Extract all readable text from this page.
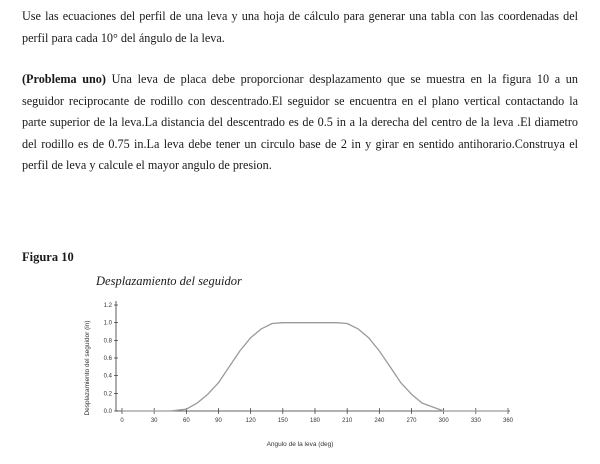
Use las ecuaciones del perfil de una leva y una hoja de cálculo para generar una tabla con las coordenadas del perfil para cada 10° del ángulo de la leva.
(Problema uno) Una leva de placa debe proporcionar desplazamento que se muestra en la figura 10 a un seguidor reciprocante de rodillo con descentrado.El seguidor se encuentra en el plano vertical contactando la parte superior de la leva.La distancia del descentrado es de 0.5 in a la derecha del centro de la leva .El diametro del rodillo es de 0.75 in.La leva debe tener un circulo base de 2 in y girar en sentido antihorario.Construya el perfil de leva y calcule el mayor angulo de presion.
Figura 10
Desplazamiento del seguidor
0.0
0.2
0.4
0.6
0.8
1.0
1.2
0	30	60	90	120	150	180	210	240	270	300	330	360
Angulo de la leva (deg)
Desplazamiento del seguidor (in)
